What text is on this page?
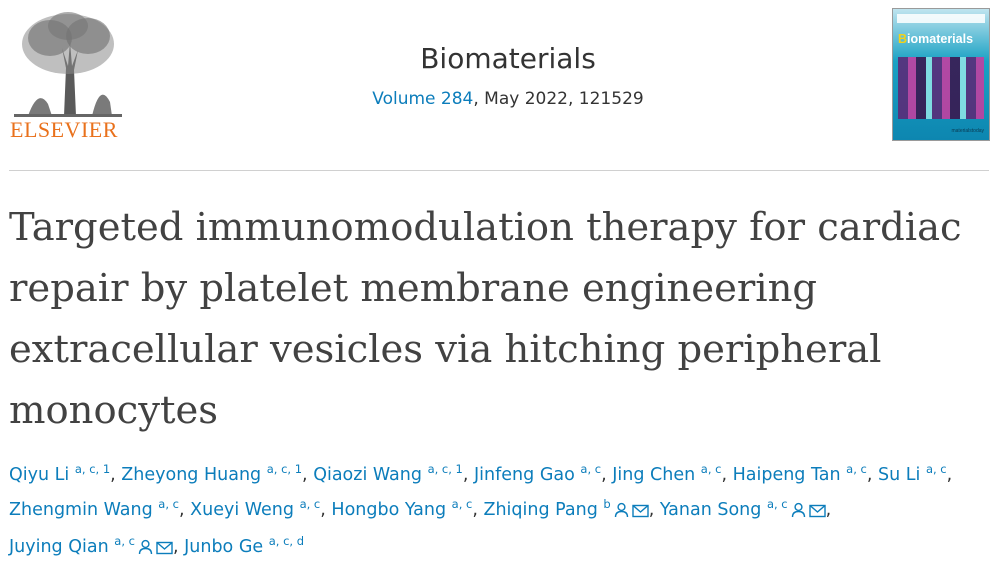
ELSEVIER
Biomaterials
Volume 284, May 2022, 121529
Biomaterials
materialstoday
Targeted immunomodulation therapy for cardiac repair by platelet membrane engineering extracellular vesicles via hitching peripheral monocytes
Qiyu Li $^{a, c, 1}$, Zheyong Huang $^{a, c, 1}$, Qiaozi Wang $^{a, c, 1}$, Jinfeng Gao $^{a, c}$, Jing Chen $^{a, c}$, Haipeng Tan $^{a, c}$, Su Li $^{a, c}$, Zhengmin Wang $^{a, c}$, Xueyi Weng $^{a, c}$, Hongbo Yang $^{a, c}$, Zhiqing Pang $^b$ , Yanan Song $^{a, c}$ , Juying Qian $^{a, c}$ , Junbo Ge $^{a, c, d}$
